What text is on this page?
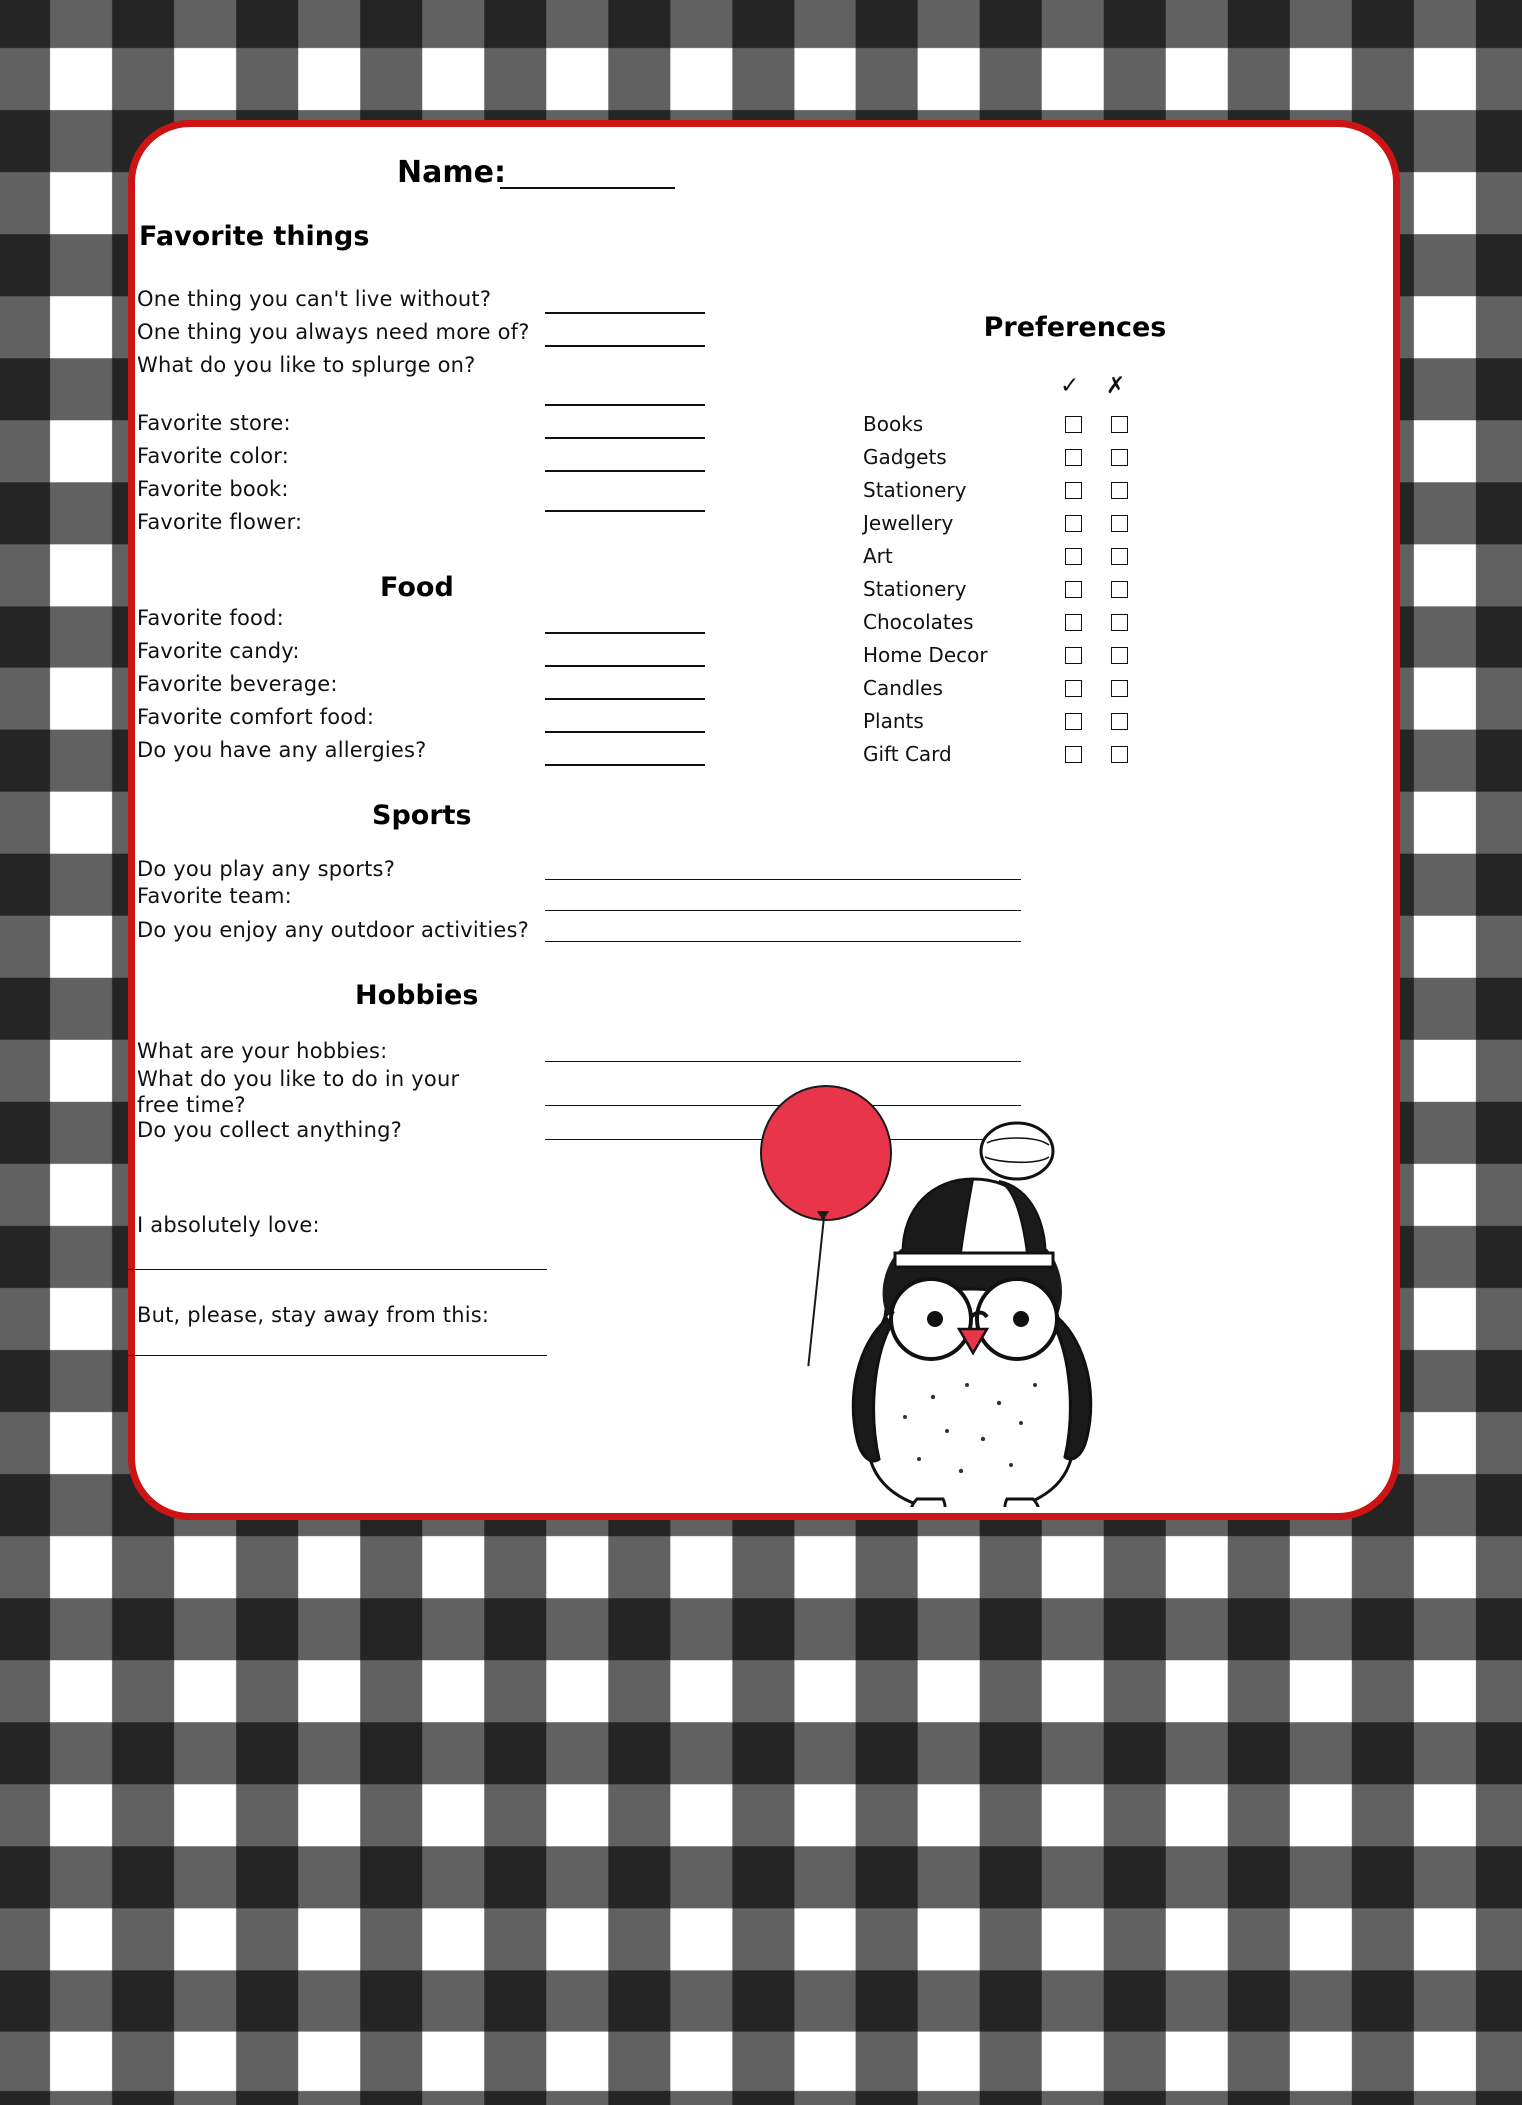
Name:
Favorite things
One thing you can't live without?
One thing you always need more of?
What do you like to splurge on?
Favorite store:
Favorite color:
Favorite book:
Favorite flower:
Food
Favorite food:
Favorite candy:
Favorite beverage:
Favorite comfort food:
Do you have any allergies?
Sports
Do you play any sports?
Favorite team:
Do you enjoy any outdoor activities?
Hobbies
What are your hobbies:
What do you like to do in your free time?
Do you collect anything?
I absolutely love:
But, please, stay away from this:
Preferences
✓ ✗
Books
Gadgets
Stationery
Jewellery
Art
Stationery
Chocolates
Home Decor
Candles
Plants
Gift Card
